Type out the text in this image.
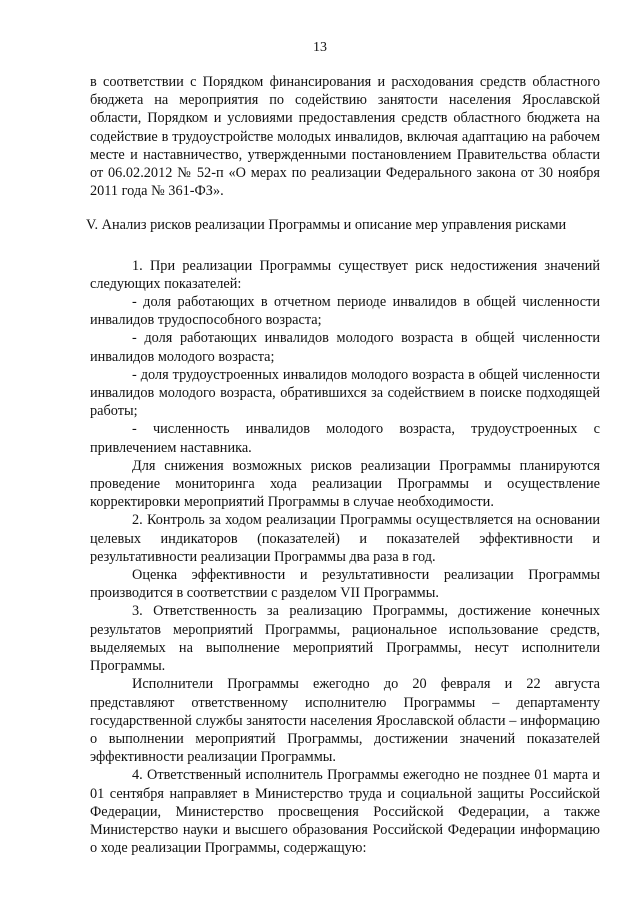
13

в соответствии с Порядком финансирования и расходования средств областного бюджета на мероприятия по содействию занятости населения Ярославской области, Порядком и условиями предоставления средств областного бюджета на содействие в трудоустройстве молодых инвалидов, включая адаптацию на рабочем месте и наставничество, утвержденными постановлением Правительства области от 06.02.2012 № 52-п «О мерах по реализации Федерального закона от 30 ноября 2011 года № 361-ФЗ».

V. Анализ рисков реализации Программы и описание мер управления рисками

1. При реализации Программы существует риск недостижения значений следующих показателей:

- доля работающих в отчетном периоде инвалидов в общей численности инвалидов трудоспособного возраста;

- доля работающих инвалидов молодого возраста в общей численности инвалидов молодого возраста;

- доля трудоустроенных инвалидов молодого возраста в общей численности инвалидов молодого возраста, обратившихся за содействием в поиске подходящей работы;

- численность инвалидов молодого возраста, трудоустроенных с привлечением наставника.

Для снижения возможных рисков реализации Программы планируются проведение мониторинга хода реализации Программы и осуществление корректировки мероприятий Программы в случае необходимости.

2. Контроль за ходом реализации Программы осуществляется на основании целевых индикаторов (показателей) и показателей эффективности и результативности реализации Программы два раза в год.

Оценка эффективности и результативности реализации Программы производится в соответствии с разделом VII Программы.

3. Ответственность за реализацию Программы, достижение конечных результатов мероприятий Программы, рациональное использование средств, выделяемых на выполнение мероприятий Программы, несут исполнители Программы.

Исполнители Программы ежегодно до 20 февраля и 22 августа представляют ответственному исполнителю Программы – департаменту государственной службы занятости населения Ярославской области – информацию о выполнении мероприятий Программы, достижении значений показателей эффективности реализации Программы.

4. Ответственный исполнитель Программы ежегодно не позднее 01 марта и 01 сентября направляет в Министерство труда и социальной защиты Российской Федерации, Министерство просвещения Российской Федерации, а также Министерство науки и высшего образования Российской Федерации информацию о ходе реализации Программы, содержащую:
